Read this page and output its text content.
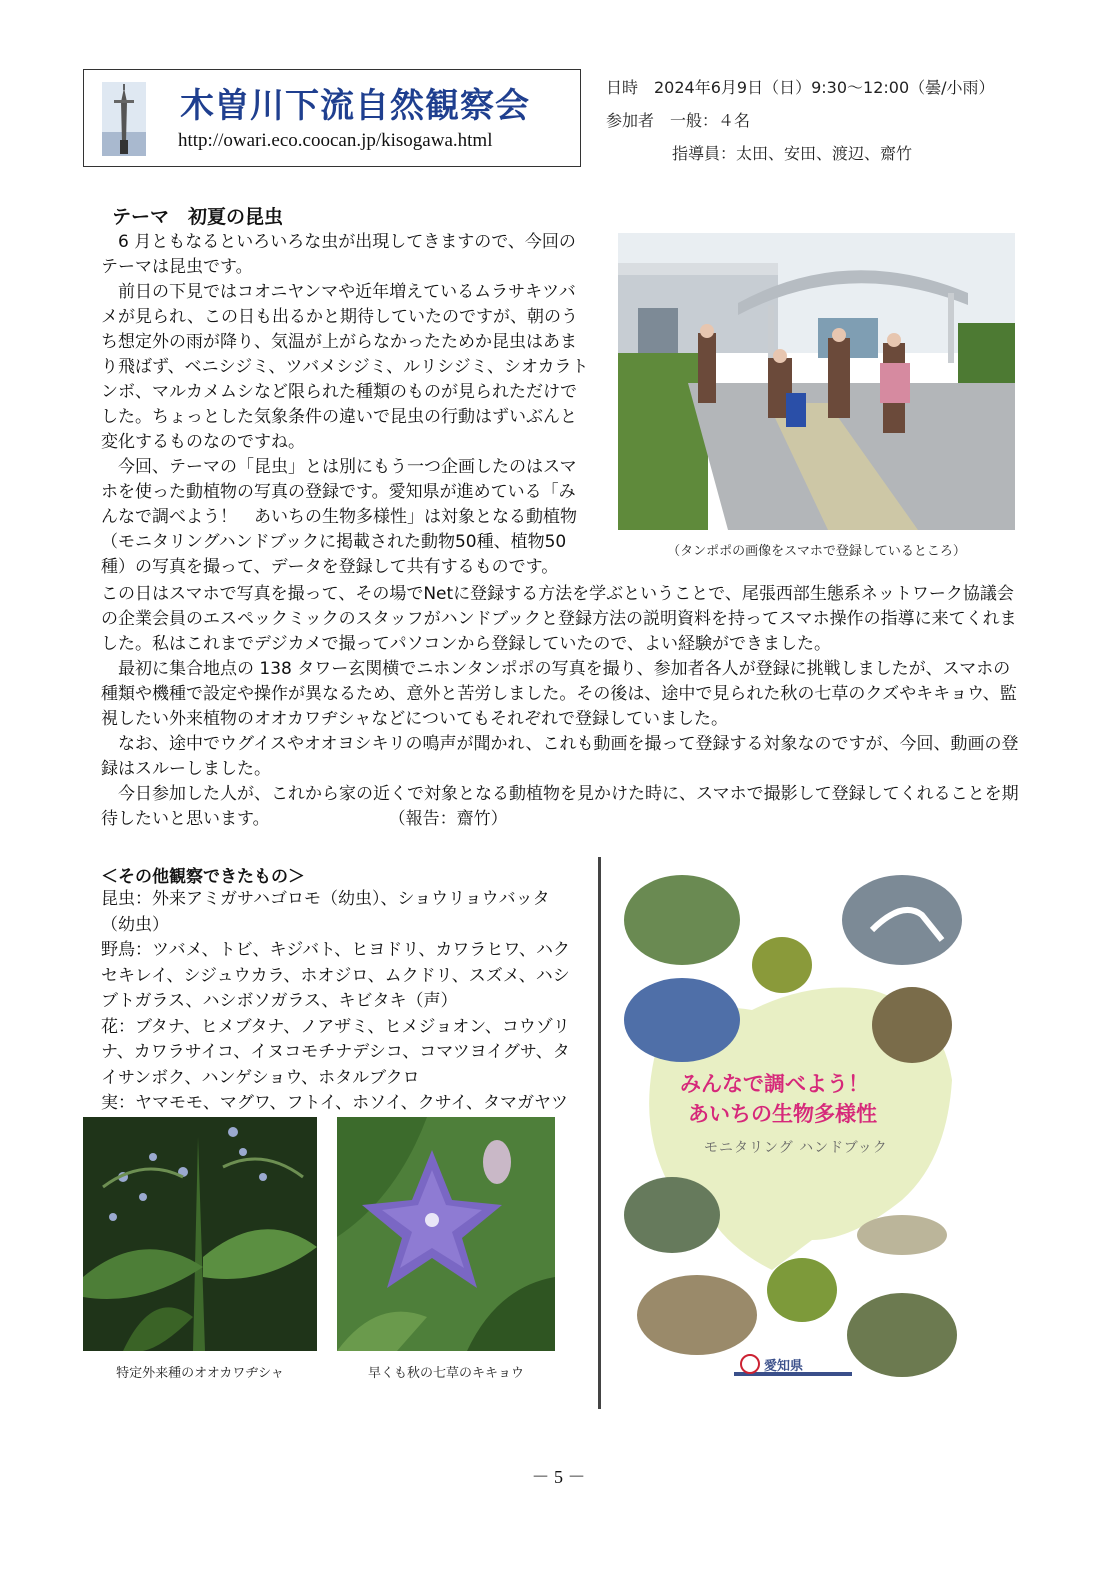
木曽川下流自然観察会
http://owari.eco.coocan.jp/kisogawa.html
日時　2024年6月9日（日）9:30〜12:00（曇/小雨）
参加者　一般：４名
指導員：太田、安田、渡辺、齋竹
テーマ　初夏の昆虫

　6 月ともなるといろいろな虫が出現してきますので、今回のテーマは昆虫です。

　前日の下見ではコオニヤンマや近年増えているムラサキツバメが見られ、この日も出るかと期待していたのですが、朝のうち想定外の雨が降り、気温が上がらなかったためか昆虫はあまり飛ばず、ベニシジミ、ツバメシジミ、ルリシジミ、シオカラトンボ、マルカメムシなど限られた種類のものが見られただけでした。ちょっとした気象条件の違いで昆虫の行動はずいぶんと変化するものなのですね。

　今回、テーマの「昆虫」とは別にもう一つ企画したのはスマホを使った動植物の写真の登録です。愛知県が進めている「みんなで調べよう！　あいちの生物多様性」は対象となる動植物（モニタリングハンドブックに掲載された動物50種、植物50種）の写真を撮って、データを登録して共有するものです。

（タンポポの画像をスマホで登録しているところ）

この日はスマホで写真を撮って、その場でNetに登録する方法を学ぶということで、尾張西部生態系ネットワーク協議会の企業会員のエスペックミックのスタッフがハンドブックと登録方法の説明資料を持ってスマホ操作の指導に来てくれました。私はこれまでデジカメで撮ってパソコンから登録していたので、よい経験ができました。

　最初に集合地点の 138 タワー玄関横でニホンタンポポの写真を撮り、参加者各人が登録に挑戦しましたが、スマホの種類や機種で設定や操作が異なるため、意外と苦労しました。その後は、途中で見られた秋の七草のクズやキキョウ、監視したい外来植物のオオカワヂシャなどについてもそれぞれで登録していました。

　なお、途中でウグイスやオオヨシキリの鳴声が聞かれ、これも動画を撮って登録する対象なのですが、今回、動画の登録はスルーしました。

　今日参加した人が、これから家の近くで対象となる動植物を見かけた時に、スマホで撮影して登録してくれることを期待したいと思います。　　　　　　　　（報告：齋竹）

＜その他観察できたもの＞
昆虫：外来アミガサハゴロモ（幼虫）、ショウリョウバッタ（幼虫）
野鳥：ツバメ、トビ、キジバト、ヒヨドリ、カワラヒワ、ハクセキレイ、シジュウカラ、ホオジロ、ムクドリ、スズメ、ハシブトガラス、ハシボソガラス、キビタキ（声）
花：ブタナ、ヒメブタナ、ノアザミ、ヒメジョオン、コウゾリナ、カワラサイコ、イヌコモチナデシコ、コマツヨイグサ、タイサンボク、ハンゲショウ、ホタルブクロ
実：ヤマモモ、マグワ、フトイ、ホソイ、クサイ、タマガヤツ
特定外来種のオオカワヂシャ	早くも秋の七草のキキョウ
みんなで調べよう！
あいちの生物多様性
モニタリング ハンドブック
愛知県
－ 5 －
